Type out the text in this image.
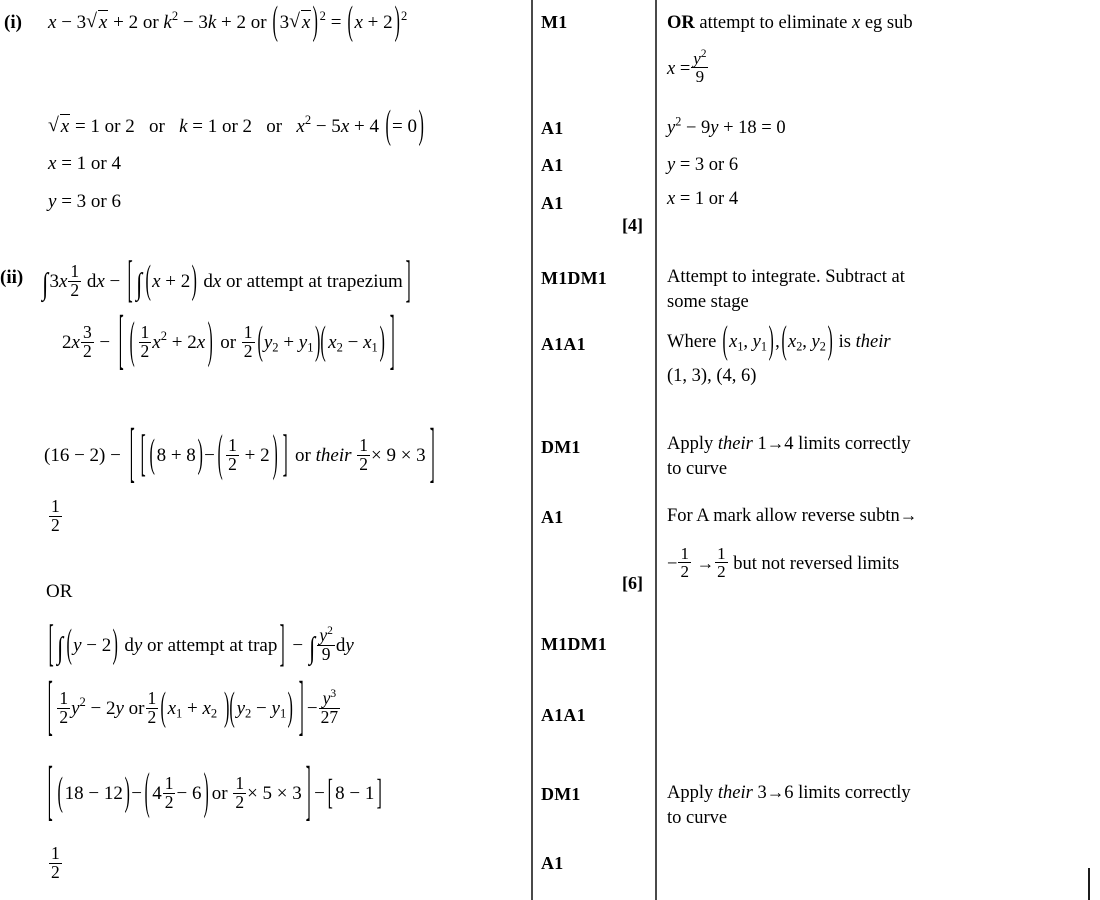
(i) x − 3 √ x + 2 or $k^2 - 3k + 2$ or (3 √ x )$^2 = (x + 2)^2$
√ x = 1 or 2   or   k = 1 or 2   or   $x^2 - 5x + 4$ (= 0)
x = 1 or 4
y = 3 or 6
(ii) $\int 3x \frac{1}{2}$ dx − [ ∫ (x + 2) dx or attempt at trapezium ]
$2x \frac{3}{2}$ − [ ( $\frac{1}{2} x^2 + 2x$ ) or $\frac{1}{2} (y_2 + y_1$ )( $x_2 - x_1$) ]
(16 − 2) − [ [ (8 + 8)− ( $\frac{1}{2} + 2$ ) ] or their $\frac{1}{2} \times 9 \times 3$ ]
$\frac{1}{2}$
OR
[ ∫ (y − 2) dy or attempt at trap ] − ∫ $\frac{y^2}{9}$ dy
[ $\frac{1}{2} y^2 - 2y$ or $\frac{1}{2} (x_1 + x_2$ )( $y_2 - y_1$) ] − $\frac{y^3}{27}$
[ (18 − 12)− ( $4 \frac{1}{2} - 6$ ) or $\frac{1}{2} \times 5 \times 3$ ] − [ 8 − 1 ]
$\frac{1}{2}$
M1
A1
A1
A1
[4]
M1DM1
A1A1
DM1
A1
[6]
M1DM1
A1A1
DM1
A1
OR attempt to eliminate x eg sub
$x = \frac{y^2}{9}$
$y^2 - 9y + 18 = 0$
y = 3 or 6
x = 1 or 4
Attempt to integrate. Subtract at
some stage
Where ($x_1$, $y_1),(x_2$, $y_2$) is their
(1, 3), (4, 6)
Apply their 1→4 limits correctly
to curve
For A mark allow reverse subtn→
− $\frac{1}{2} \to \frac{1}{2}$ but not reversed limits
Apply their 3→6 limits correctly
to curve
